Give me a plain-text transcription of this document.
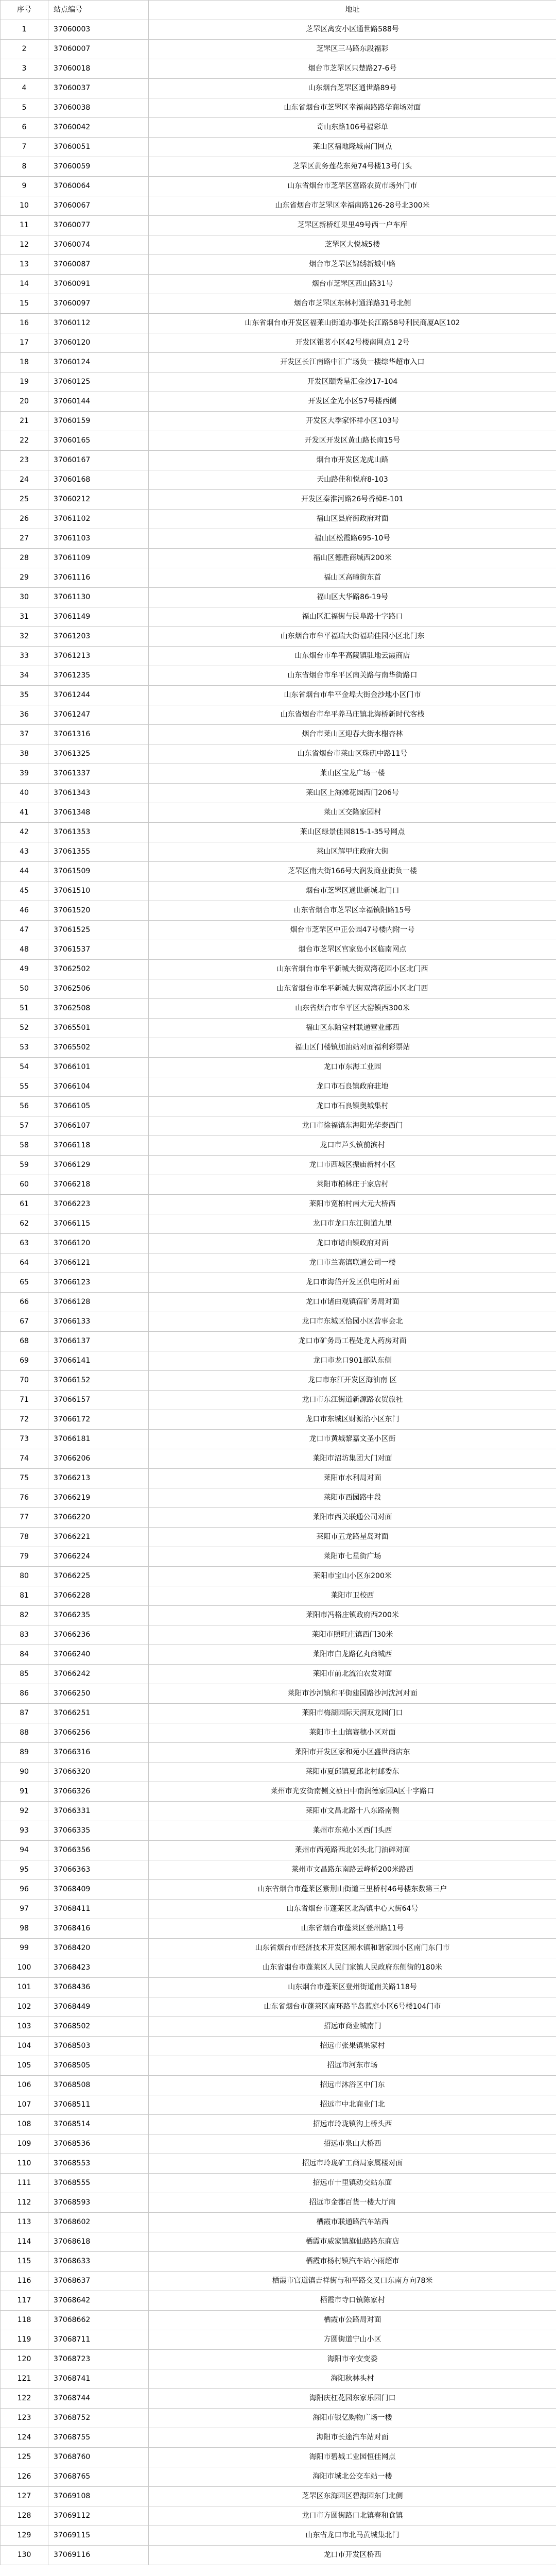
序号	站点编号	地址
1	37060003	芝罘区离安小区通世路588号
2	37060007	芝罘区三马路东段福彩
3	37060018	烟台市芝罘区只楚路27-6号
4	37060037	山东烟台芝罘区通世路89号
5	37060038	山东省烟台市芝罘区幸福南路路华商场对面
6	37060042	奇山东路106号福彩单
7	37060051	莱山区福地隆城南门网点
8	37060059	芝罘区黄务莲花东苑74号楼13号门头
9	37060064	山东省烟台市芝罘区富路农贸市场外门市
10	37060067	山东省烟台市芝罘区幸福南路126-28号北300米
11	37060077	芝罘区新桥红果里49号西一户车库
12	37060074	芝罘区大悦城5楼
13	37060087	烟台市芝罘区锦绣新城中路
14	37060091	烟台市芝罘区西山路31号
15	37060097	烟台市芝罘区东林村通洋路31号北侧
16	37060112	山东省烟台市开发区福莱山街道办事处长江路58号利民商厦A区102
17	37060120	开发区银茗小区42号楼南网点1 2号
18	37060124	开发区长江南路中汇广场负一楼综华超市入口
19	37060125	开发区颐秀星汇金沙17-104
20	37060144	开发区金光小区57号楼西侧
21	37060159	开发区大季家怀祥小区103号
22	37060165	开发区开发区黄山路长南15号
23	37060167	烟台市开发区龙虎山路
24	37060168	天山路佳和悦府8-103
25	37060212	开发区秦淮河路26号香樟E-101
26	37061102	福山区县府街政府对面
27	37061103	福山区松霞路695-10号
28	37061109	福山区德胜商城西200米
29	37061116	福山区高疃街东首
30	37061130	福山区大华路86-19号
31	37061149	福山区汇福街与民阜路十字路口
32	37061203	山东烟台市牟平福瑞大街福瑞佳园小区北门东
33	37061213	山东烟台市牟平高陵镇驻地云霞商店
34	37061235	山东省烟台市牟平区南关路与南华街路口
35	37061244	山东省烟台市牟平金埠大街金沙地小区门市
36	37061247	山东省烟台市牟平养马庄镇北海桥新时代客栈
37	37061316	烟台市莱山区迎春大街水榭杏林
38	37061325	山东省烟台市莱山区珠矶中路11号
39	37061337	莱山区宝龙广场一楼
40	37061343	莱山区上海滩花园西门206号
41	37061348	莱山区交隆家园村
42	37061353	莱山区绿景佳园815-1-35号网点
43	37061355	莱山区解甲庄政府大街
44	37061509	芝罘区南大街166号大润发商业街负一楼
45	37061510	烟台市芝罘区通世新城北门口
46	37061520	山东省烟台市芝罘区幸福镇阳路15号
47	37061525	烟台市芝罘区中正公园47号楼内附一号
48	37061537	烟台市芝罘区宫家岛小区临南网点
49	37062502	山东省烟台市牟平新城大街双湾花园小区北门西
50	37062506	山东省烟台市牟平新城大街双湾花园小区北门西
51	37062508	山东省烟台市牟平区大窑镇西300米
52	37065501	福山区东陌堂村联通营业部西
53	37065502	福山区门楼镇加油站对面福利彩票站
54	37066101	龙口市东海工业园
55	37066104	龙口市石良镇政府驻地
56	37066105	龙口市石良镇奥城集村
57	37066107	龙口市徐福镇东海阳光华泰西门
58	37066118	龙口市芦头镇前滨村
59	37066129	龙口市西城区振庙新村小区
60	37066218	莱阳市柏林庄于家店村
61	37066223	莱阳市宽柏村南大元大桥西
62	37066115	龙口市龙口东江街道九里
63	37066120	龙口市诸由镇政府对面
64	37066121	龙口市兰高镇联通公司一楼
65	37066123	龙口市海岱开发区供电所对面
66	37066128	龙口市诸由观镇宿矿务局对面
67	37066133	龙口市东城区恰园小区营事会北
68	37066137	龙口市矿务局工程处龙人药房对面
69	37066141	龙口市龙口901部队东侧
70	37066152	龙口市东江开发区海油南 区
71	37066157	龙口市东江街道新源路农贸旅社
72	37066172	龙口市东城区财源治小区东门
73	37066181	龙口市黄城黎嘉文圣小区街
74	37066206	莱阳市沼坊集团大门对面
75	37066213	莱阳市水利局对面
76	37066219	莱阳市西园路中段
77	37066220	莱阳市西关联通公司对面
78	37066221	莱阳市五龙路星岛对面
79	37066224	莱阳市七星街广场
80	37066225	莱阳市宝山小区东200米
81	37066228	莱阳市卫校西
82	37066235	莱阳市冯格庄镇政府西200米
83	37066236	莱阳市照旺庄镇西门30米
84	37066240	莱阳市白龙路亿丸商城西
85	37066242	莱阳市前北流泊农发对面
86	37066250	莱阳市沙河镇和平街建园路沙河沈河对面
87	37066251	莱阳市梅湖园际天润双龙园门口
88	37066256	莱阳市土山镇赛穗小区对面
89	37066316	莱阳市开发区家和苑小区盛世商店东
90	37066320	莱阳市夏邱镇夏邱北村邮委东
91	37066326	莱州市光安街南侧文祯日中南润德家园A区十字路口
92	37066331	莱阳市文昌北路十八东路南侧
93	37066335	莱州市东苑小区西门头西
94	37066356	莱州市西苑路西北郊头北门油碎对面
95	37066363	莱州市文昌路东南路云峰桥200米路西
96	37068409	山东省烟台市蓬莱区紫荆山街道三里桥村46号楼东数第三户
97	37068411	山东省烟台市蓬莱区北沟镇中心大街64号
98	37068416	山东省烟台市蓬莱区登州路11号
99	37068420	山东省烟台市经济技术开发区潮水镇和谐家园小区南门东门市
100	37068423	山东省烟台市蓬莱区人民门家镇人民政府东侧街的180米
101	37068436	山东烟台市蓬莱区登州街道南关路118号
102	37068449	山东省烟台市蓬莱区南环路半岛蓝庭小区6号楼104门市
103	37068502	招远市商业城南门
104	37068503	招远市张果镇果家村
105	37068505	招远市河东市场
106	37068508	招远市沐浴区中门东
107	37068511	招远市中北商业门北
108	37068514	招远市玲珑镇沟上桥头西
109	37068536	招远市泉山大桥西
110	37068553	招远市玲珑矿工商局家属楼对面
111	37068555	招远市十里镇动交站东面
112	37068593	招远市金都百货一楼大厅南
113	37068602	栖霞市联通路汽车站西
114	37068618	栖霞市威家镇旗仙路路东商店
115	37068633	栖霞市杨村镇汽车站小雨超市
116	37068637	栖霞市官道镇吉祥街与和平路交叉口东南方向78米
117	37068642	栖霞市寺口镇陈家村
118	37068662	栖霞市公路局对面
119	37068711	方圆街道宁山小区
120	37068723	海阳市辛安变委
121	37068741	海阳秋林头村
122	37068744	海阳庆杠花园东家乐园门口
123	37068752	海阳市银亿购物广场一楼
124	37068755	海阳市长途汽车站对面
125	37068760	海阳市碧城工业园恒佳网点
126	37068765	海阳市城北公交车站一楼
127	37069108	芝罘区东海园区碧海园东门北侧
128	37069112	龙口市方圆街路口北镇春和食镇
129	37069115	山东省龙口市北马黄城集北门
130	37069116	龙口市开发区桥西
